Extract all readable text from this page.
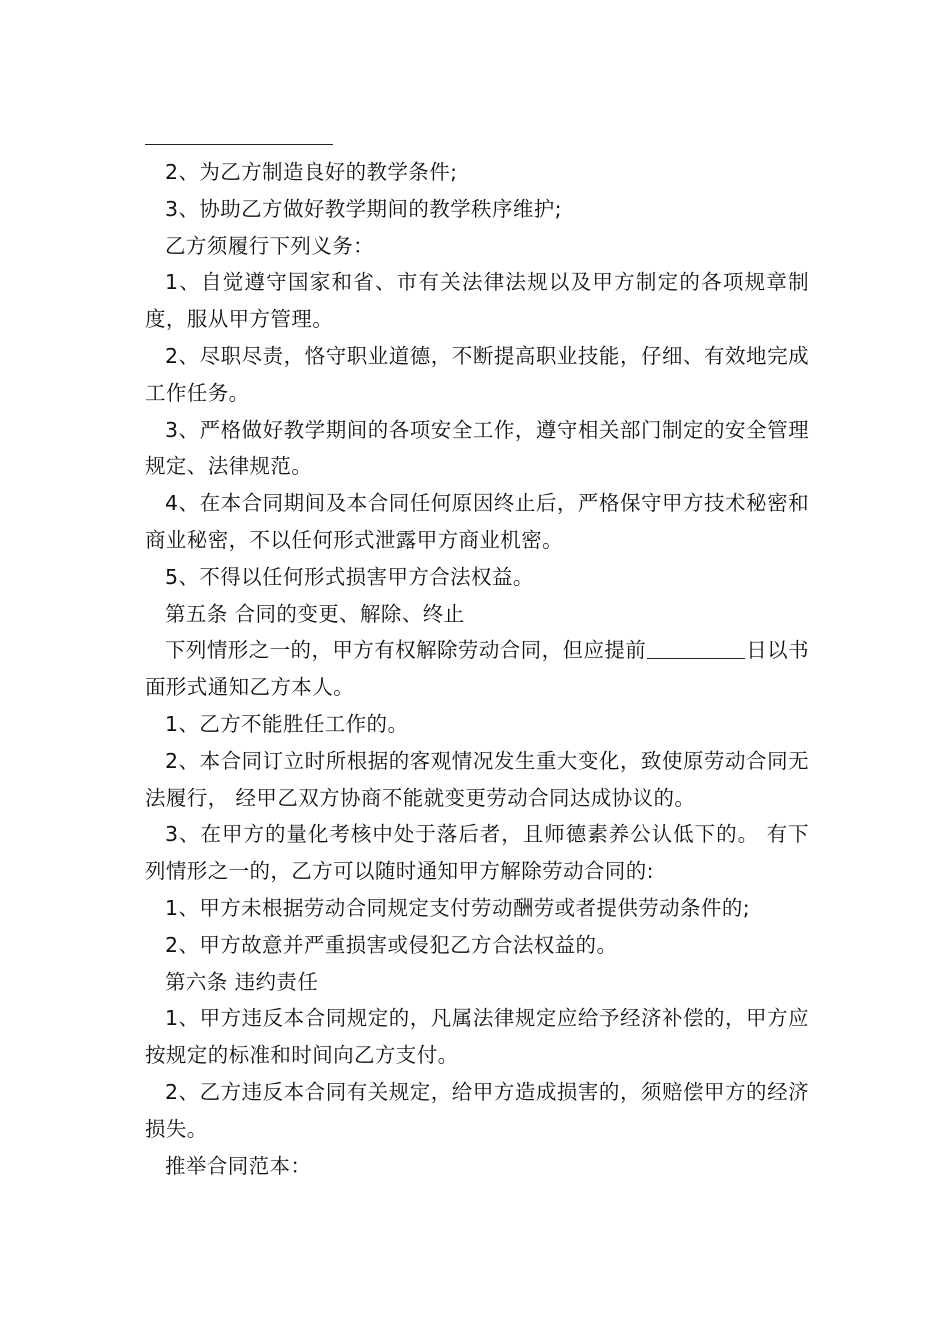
2、为乙方制造良好的教学条件;

3、协助乙方做好教学期间的教学秩序维护;

乙方须履行下列义务：

1、自觉遵守国家和省、市有关法律法规以及甲方制定的各项规章制度，服从甲方管理。

2、尽职尽责，恪守职业道德，不断提高职业技能，仔细、有效地完成工作任务。

3、严格做好教学期间的各项安全工作，遵守相关部门制定的安全管理规定、法律规范。

4、在本合同期间及本合同任何原因终止后，严格保守甲方技术秘密和商业秘密，不以任何形式泄露甲方商业机密。

5、不得以任何形式损害甲方合法权益。

第五条 合同的变更、解除、终止

下列情形之一的，甲方有权解除劳动合同，但应提前	日以书面形式通知乙方本人。

1、乙方不能胜任工作的。

2、本合同订立时所根据的客观情况发生重大变化，致使原劳动合同无法履行， 经甲乙双方协商不能就变更劳动合同达成协议的。

3、在甲方的量化考核中处于落后者，且师德素养公认低下的。 有下列情形之一的，乙方可以随时通知甲方解除劳动合同的:

1、甲方未根据劳动合同规定支付劳动酬劳或者提供劳动条件的;

2、甲方故意并严重损害或侵犯乙方合法权益的。

第六条 违约责任

1、甲方违反本合同规定的，凡属法律规定应给予经济补偿的，甲方应按规定的标准和时间向乙方支付。

2、乙方违反本合同有关规定，给甲方造成损害的，须赔偿甲方的经济损失。

推举合同范本：
